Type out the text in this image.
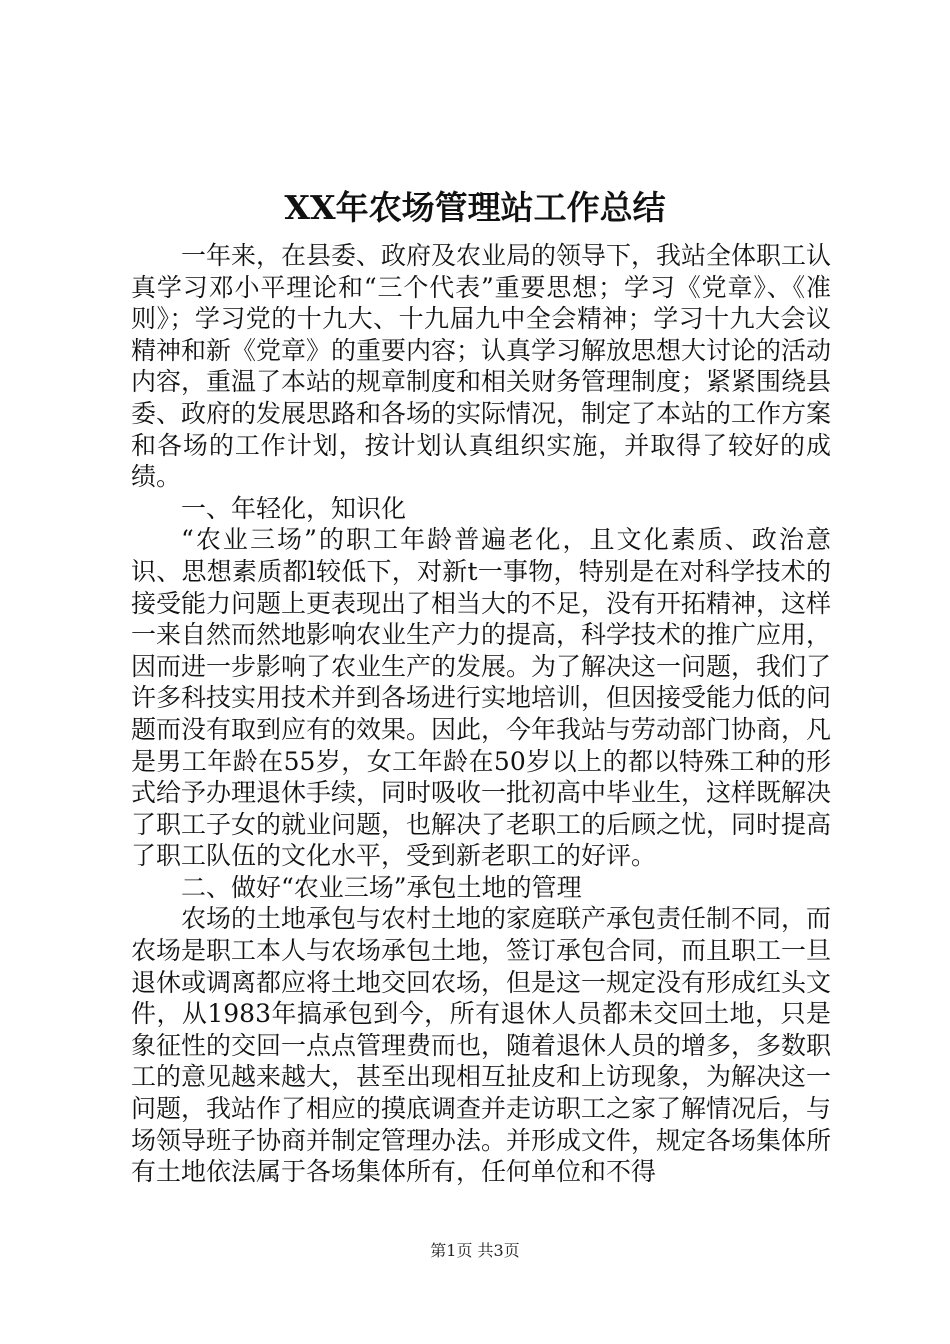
XX年农场管理站工作总结

一年来，在县委、政府及农业局的领导下，我站全体职工认真学习邓小平理论和“三个代表”重要思想；学习《党章》、《准则》；学习党的十九大、十九届九中全会精神；学习十九大会议精神和新《党章》的重要内容；认真学习解放思想大讨论的活动内容，重温了本站的规章制度和相关财务管理制度；紧紧围绕县委、政府的发展思路和各场的实际情况，制定了本站的工作方案和各场的工作计划，按计划认真组织实施，并取得了较好的成绩。

一、年轻化，知识化

“农业三场”的职工年龄普遍老化，且文化素质、政治意识、思想素质都l较低下，对新t一事物，特别是在对科学技术的接受能力问题上更表现出了相当大的不足，没有开拓精神，这样一来自然而然地影响农业生产力的提高，科学技术的推广应用，因而进一步影响了农业生产的发展。为了解决这一问题，我们了许多科技实用技术并到各场进行实地培训，但因接受能力低的问题而没有取到应有的效果。因此，今年我站与劳动部门协商，凡是男工年龄在55岁，女工年龄在50岁以上的都以特殊工种的形式给予办理退休手续，同时吸收一批初高中毕业生，这样既解决了职工子女的就业问题，也解决了老职工的后顾之忧，同时提高了职工队伍的文化水平，受到新老职工的好评。

二、做好“农业三场”承包土地的管理

农场的土地承包与农村土地的家庭联产承包责任制不同，而农场是职工本人与农场承包土地，签订承包合同，而且职工一旦退休或调离都应将土地交回农场，但是这一规定没有形成红头文件，从1983年搞承包到今，所有退休人员都未交回土地，只是象征性的交回一点点管理费而也，随着退休人员的增多，多数职工的意见越来越大，甚至出现相互扯皮和上访现象，为解决这一问题，我站作了相应的摸底调查并走访职工之家了解情况后，与场领导班子协商并制定管理办法。并形成文件，规定各场集体所有土地依法属于各场集体所有，任何单位和不得

第1页 共3页
